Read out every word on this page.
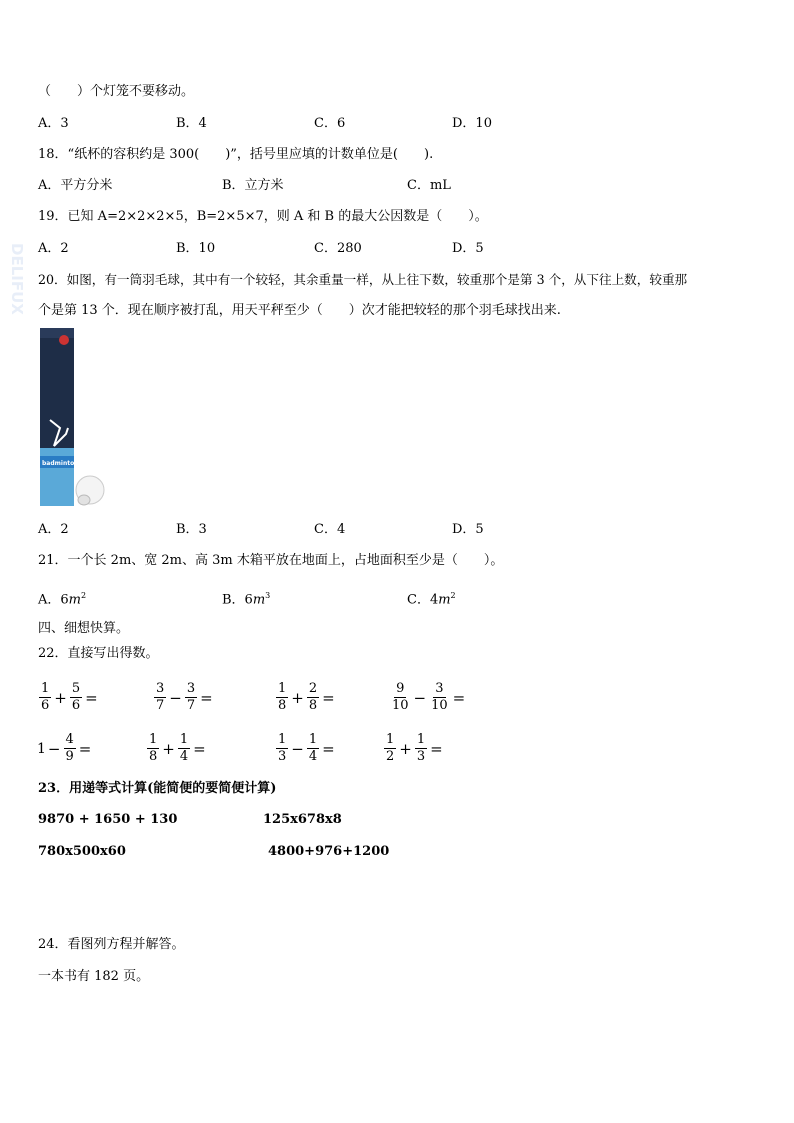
（　　）个灯笼不要移动。
A．3	B．4	C．6	D．10
18．“纸杯的容积约是 300(　　)”，括号里应填的计数单位是(　　).
A．平方分米	B．立方米	C．mL
19．已知 A=2×2×2×5，B=2×5×7，则 A 和 B 的最大公因数是（　　）。
A．2	B．10	C．280	D．5
20．如图，有一筒羽毛球，其中有一个较轻，其余重量一样，从上往下数，较重那个是第 3 个，从下往上数，较重那
个是第 13 个．现在顺序被打乱，用天平秤至少（　　）次才能把较轻的那个羽毛球找出来.
DELIFUX
badminton
A．2	B．3	C．4	D．5
21．一个长 2m、宽 2m、高 3m 木箱平放在地面上，占地面积至少是（　　）。
A．$6m^2$	B．$6m^3$	C．$4m^2$
四、细想快算。
22．直接写出得数。
$\frac{1}{6} + \frac{5}{6}$ =	$\frac{3}{7} - \frac{3}{7}$ =	$\frac{1}{8} + \frac{2}{8}$ =	$\frac{9}{10} - \frac{3}{10}$ =
$1 - \frac{4}{9}$ =	$\frac{1}{8} + \frac{1}{4}$ =	$\frac{1}{3} - \frac{1}{4}$ =	$\frac{1}{2} + \frac{1}{3}$ =
23．用递等式计算(能简便的要简便计算)
9870 + 1650 + 130	125x678x8
780x500x60	4800+976+1200
24．看图列方程并解答。
一本书有 182 页。
